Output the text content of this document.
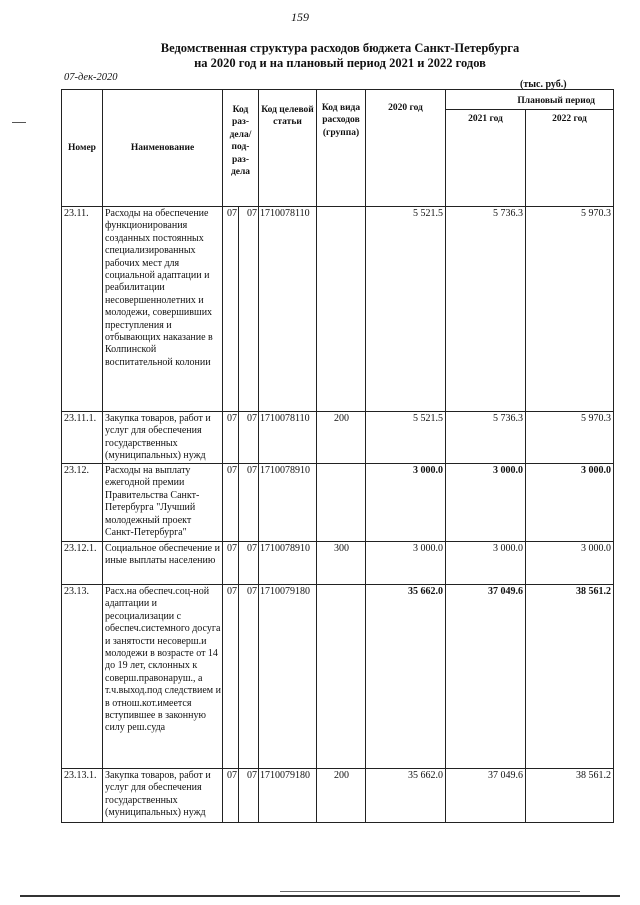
159
Ведомственная структура расходов бюджета Санкт-Петербурга
на 2020 год и на плановый период 2021 и 2022 годов
07-дек-2020
(тыс. руб.)
Номер	Наименование	Код раз- дела/ под- раз- дела		Код целевой статьи	Код вида расходов (группа)	2020 год	Плановый период	
							2021 год	2022 год
23.11.	Расходы на обеспечение функционирования созданных постоянных специализированных рабочих мест для социальной адаптации и реабилитации несовершеннолетних и молодежи, совершивших преступления и отбывающих наказание в Колпинской воспитательной колонии	07	07	1710078110		5 521.5	5 736.3	5 970.3
23.11.1.	Закупка товаров, работ и услуг для обеспечения государственных (муниципальных) нужд	07	07	1710078110	200	5 521.5	5 736.3	5 970.3
23.12.	Расходы на выплату ежегодной премии Правительства Санкт-Петербурга "Лучший молодежный проект Санкт-Петербурга"	07	07	1710078910		3 000.0	3 000.0	3 000.0
23.12.1.	Социальное обеспечение и иные выплаты населению	07	07	1710078910	300	3 000.0	3 000.0	3 000.0
23.13.	Расх.на обеспеч.соц-ной адаптации и ресоциализации с обеспеч.системного досуга и занятости несоверш.и молодежи в возрасте от 14 до 19 лет, склонных к соверш.правонаруш., а т.ч.выход.под следствием и в отнош.кот.имеется вступившее в законную силу реш.суда	07	07	1710079180		35 662.0	37 049.6	38 561.2
23.13.1.	Закупка товаров, работ и услуг для обеспечения государственных (муниципальных) нужд	07	07	1710079180	200	35 662.0	37 049.6	38 561.2
